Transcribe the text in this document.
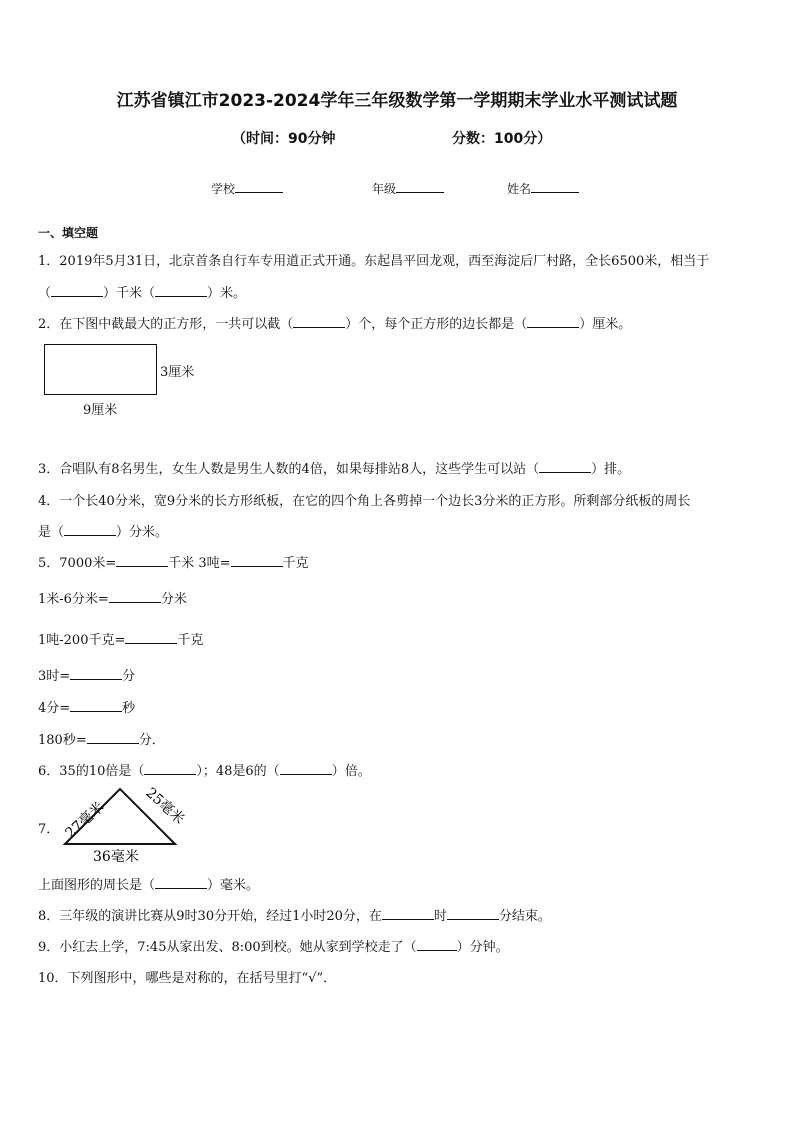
江苏省镇江市2023-2024学年三年级数学第一学期期末学业水平测试试题
（时间：90分钟	分数：100分）
学校	年级	姓名
一、填空题
1．2019年5月31日，北京首条自行车专用道正式开通。东起昌平回龙观，西至海淀后厂村路，全长6500米，相当于
（	）千米（	）米。
2．在下图中截最大的正方形，一共可以截（	）个，每个正方形的边长都是（	）厘米。
3厘米
9厘米
3．合唱队有8名男生，女生人数是男生人数的4倍，如果每排站8人，这些学生可以站（	）排。
4．一个长40分米，宽9分米的长方形纸板，在它的四个角上各剪掉一个边长3分米的正方形。所剩部分纸板的周长
是（	）分米。
5．7000米=	千米 3吨=	千克
1米-6分米=	分米
1吨-200千克=	千克
3时=	分
4分=	秒
180秒=	分．
6．35的10倍是（	）；48是6的（	）倍。
7． 27毫米	25毫米
36毫米
上面图形的周长是（	）毫米。
8．三年级的演讲比赛从9时30分开始，经过1小时20分，在	时	分结束。
9．小红去上学，7:45从家出发、8:00到校。她从家到学校走了（	）分钟。
10．下列图形中，哪些是对称的，在括号里打“√”．
